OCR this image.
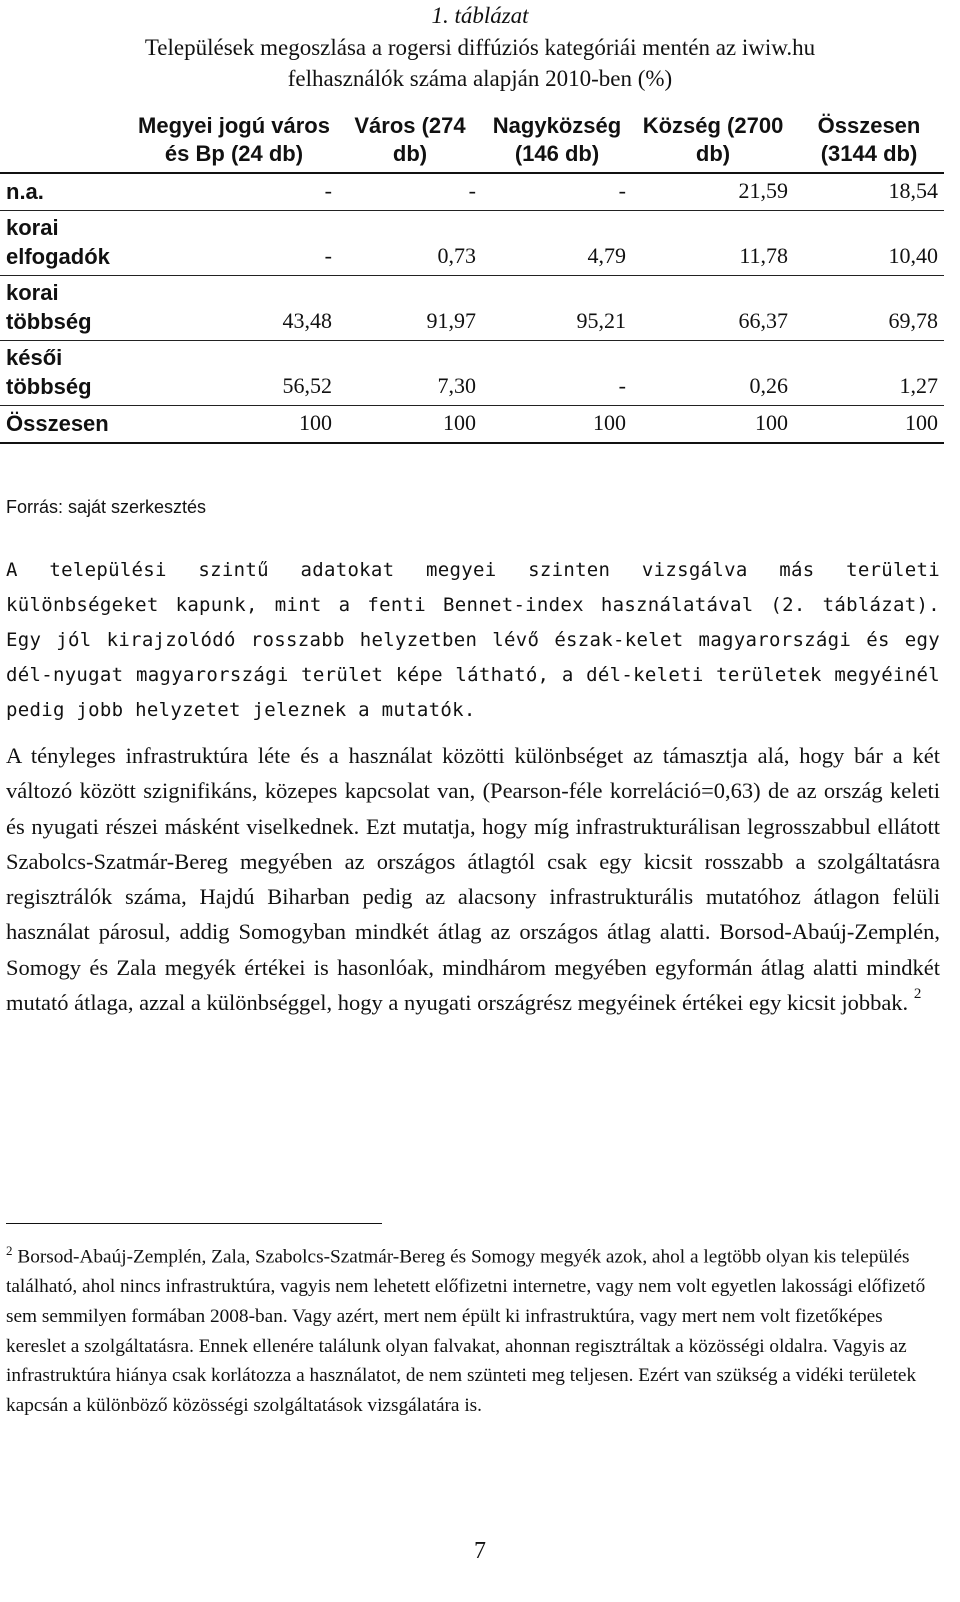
1. táblázat
Települések megoszlása a rogersi diffúziós kategóriái mentén az iwiw.hu
felhasználók száma alapján 2010-ben (%)
	Megyei jogú város és Bp (24 db)	Város (274 db)	Nagyközség (146 db)	Község (2700 db)	Összesen (3144 db)
n.a.	-	-	-	21,59	18,54
korai elfogadók	-	0,73	4,79	11,78	10,40
korai többség	43,48	91,97	95,21	66,37	69,78
késői többség	56,52	7,30	-	0,26	1,27
Összesen	100	100	100	100	100
Forrás: saját szerkesztés

A települési szintű adatokat megyei szinten vizsgálva más területi különbségeket kapunk, mint a fenti Bennet-index használatával (2. táblázat). Egy jól kirajzolódó rosszabb helyzetben lévő észak-kelet magyarországi és egy dél-nyugat magyarországi terület képe látható, a dél-keleti területek megyéinél pedig jobb helyzetet jeleznek a mutatók.

A tényleges infrastruktúra léte és a használat közötti különbséget az támasztja alá, hogy bár a két változó között szignifikáns, közepes kapcsolat van, (Pearson-féle korreláció=0,63) de az ország keleti és nyugati részei másként viselkednek. Ezt mutatja, hogy míg infrastrukturálisan legrosszabbul ellátott Szabolcs-Szatmár-Bereg megyében az országos átlagtól csak egy kicsit rosszabb a szolgáltatásra regisztrálók száma, Hajdú Biharban pedig az alacsony infrastrukturális mutatóhoz átlagon felüli használat párosul, addig Somogyban mindkét átlag az országos átlag alatti. Borsod-Abaúj-Zemplén, Somogy és Zala megyék értékei is hasonlóak, mindhárom megyében egyformán átlag alatti mindkét mutató átlaga, azzal a különbséggel, hogy a nyugati országrész megyéinek értékei egy kicsit jobbak. $^2$

$^2$ Borsod-Abaúj-Zemplén, Zala, Szabolcs-Szatmár-Bereg és Somogy megyék azok, ahol a legtöbb olyan kis település található, ahol nincs infrastruktúra, vagyis nem lehetett előfizetni internetre, vagy nem volt egyetlen lakossági előfizető sem semmilyen formában 2008-ban. Vagy azért, mert nem épült ki infrastruktúra, vagy mert nem volt fizetőképes kereslet a szolgáltatásra. Ennek ellenére találunk olyan falvakat, ahonnan regisztráltak a közösségi oldalra. Vagyis az infrastruktúra hiánya csak korlátozza a használatot, de nem szünteti meg teljesen. Ezért van szükség a vidéki területek kapcsán a különböző közösségi szolgáltatások vizsgálatára is.

7
